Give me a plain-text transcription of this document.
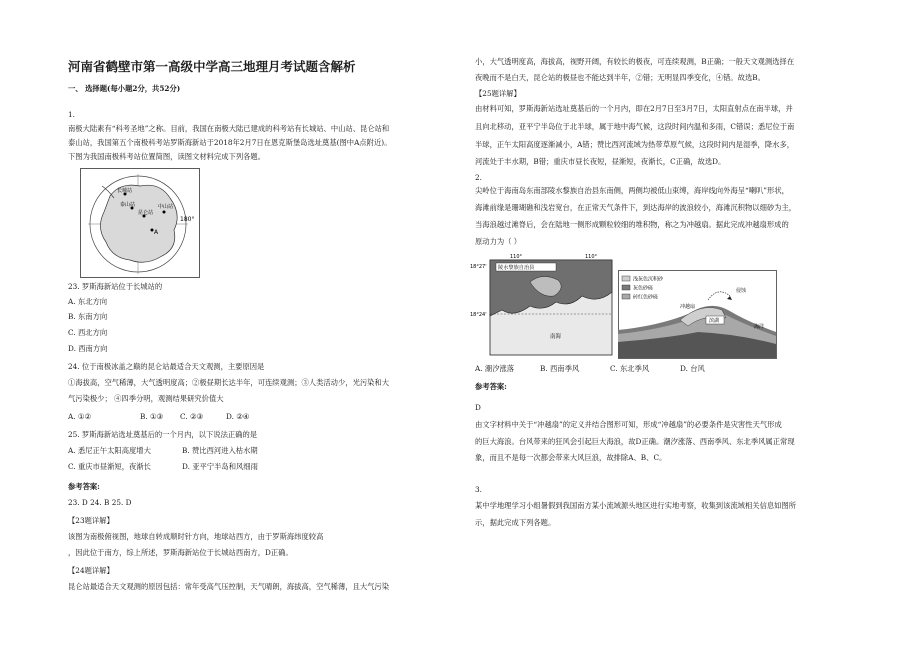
河南省鹤壁市第一高级中学高三地理月考试题含解析
一、 选择题(每小题2分，共52分)
1.
南极大陆素有“科考圣地”之称。目前，我国在南极大陆已建成的科考站有长城站、中山站、昆仑站和
泰山站，我国第五个南极科考站罗斯海新站于2018年2月7日在恩克斯堡岛选址奠基(图中A点附近)。
下图为我国南极科考站位置简图，读图文材料完成下列各题。
长城站
中山站
昆仑站
泰山站
A
180°
23. 罗斯海新站位于长城站的
A. 东北方向
B. 东南方向
C. 西北方向
D. 西南方向
24. 位于南极冰盖之巅的昆仑站最适合天文观测，主要原因是
①海拔高，空气稀薄，大气透明度高；②极昼期长达半年，可连续观测；③人类活动少，光污染和大
气污染极少； ④四季分明，观测结果研究价值大
A. ①②	B. ①③ C. ②③	D. ②④
25. 罗斯海新站选址奠基后的一个月内，以下说法正确的是
A. 悉尼正午太阳高度增大	B. 赞比西河进入枯水期
C. 重庆市昼渐短，夜渐长	D. 亚平宁半岛和风细雨
参考答案:
23. D 24. B 25. D
【23题详解】
该图为南极俯视图，地球自转成顺时针方向，地球站西方，由于罗斯海纬度较高
，因此位于南方，综上所述，罗斯海新站位于长城站西南方，D正确。
【24题详解】
昆仑站最适合天文观测的原因包括：常年受高气压控制，天气晴朗，海拔高，空气稀薄，且大气污染
小，大气透明度高，海拔高，视野开阔，有较长的极夜，可连续观测，B正确；一般天文观测选择在
夜晚而不是白天，昆仑站的极昼也不能达到半年，②错；无明显四季变化，④错。故选B。
【25题详解】
由材料可知，罗斯海新站选址奠基后的一个月内，即在2月7日至3月7日，太阳直射点在南半球，并
且向北移动，亚平宁半岛位于北半球，属于地中海气候，这段时间内温和多雨，C错误；悉尼位于南
半球，正午太阳高度逐渐减小，A错；赞比西河流域为热带草原气候，这段时间内是湿季，降水多，
河流处于丰水期，B错；重庆市昼长夜短，昼渐短，夜渐长，C正确，故选D。
2.
尖岭位于海南岛东南部陵水黎族自治县东南侧，两侧均被低山束缚，海岸线向外海呈“喇叭”形状，
海滩前缘是珊瑚礁和浅岩宽台，在正常天气条件下，到达海岸的波浪较小，海滩沉积物以细砂为主，
当海浪越过滩脊后，会在陆地一侧形成颗粒较细的堆积物，称之为冲越扇。据此完成冲越扇形成的
原动力为（ ）
110°	110°
18°27'
18°24'
陵水黎族自治县
南海
浅灰色沉积砂
灰色砂砾
砖红色砂砾
冲越扇
侵蚀
滨湖
海洋
A. 潮汐涨落	B. 西南季风	C. 东北季风	D. 台风
参考答案:
D
由文字材料中关于“冲越扇”的定义并结合图形可知，形成“冲越扇”的必要条件是灾害性天气形成
的巨大海浪。台风带来的狂风会引起巨大海浪，故D正确。潮汐涨落、西南季风、东北季风属正常现
象，而且不是每一次都会带来大风巨浪，故排除A、B、C。
3.
某中学地理学习小组暑假到我国南方某小流域源头地区进行实地考察，收集到该流域相关信息如图所
示，据此完成下列各题。
